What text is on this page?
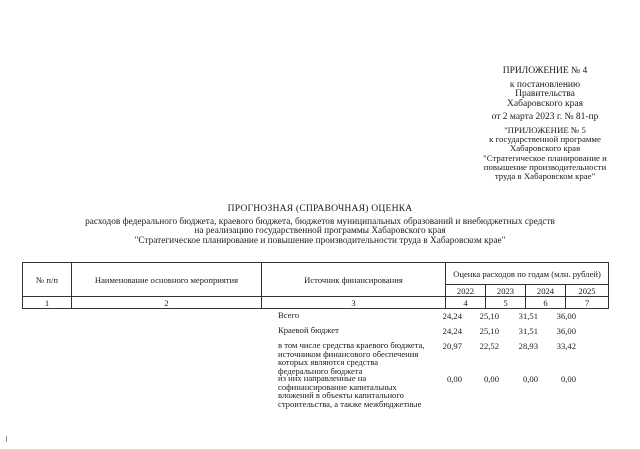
ПРИЛОЖЕНИЕ № 4
к постановлению
Правительства
Хабаровского края
от 2 марта 2023 г. № 81-пр
"ПРИЛОЖЕНИЕ № 5
к государственной программе
Хабаровского края
"Стратегическое планирование и
повышение производительности
труда в Хабаровском крае"
ПРОГНОЗНАЯ (СПРАВОЧНАЯ) ОЦЕНКА
расходов федерального бюджета, краевого бюджета, бюджетов муниципальных образований и внебюджетных средств
на реализацию государственной программы Хабаровского края
"Стратегическое планирование и повышение производительности труда в Хабаровском крае"
№ п/п	Наименование основного мероприятия	Источник финансирования	Оценка расходов по годам (млн. рублей)			
			2022	2023	2024	2025
1	2	3	4	5	6	7
Всего	24,24	25,10	31,51	36,00
Краевой бюджет	24,24	25,10	31,51	36,00
в том числе средства краевого бюджета,
источником финансового обеспечения
которых являются средства
федерального бюджета
20,97	22,52	28,93	33,42
из них направленные на
софинансирование капитальных
вложений в объекты капитального
строительства, а также межбюджетные
0,00	0,00	0,00	0,00
